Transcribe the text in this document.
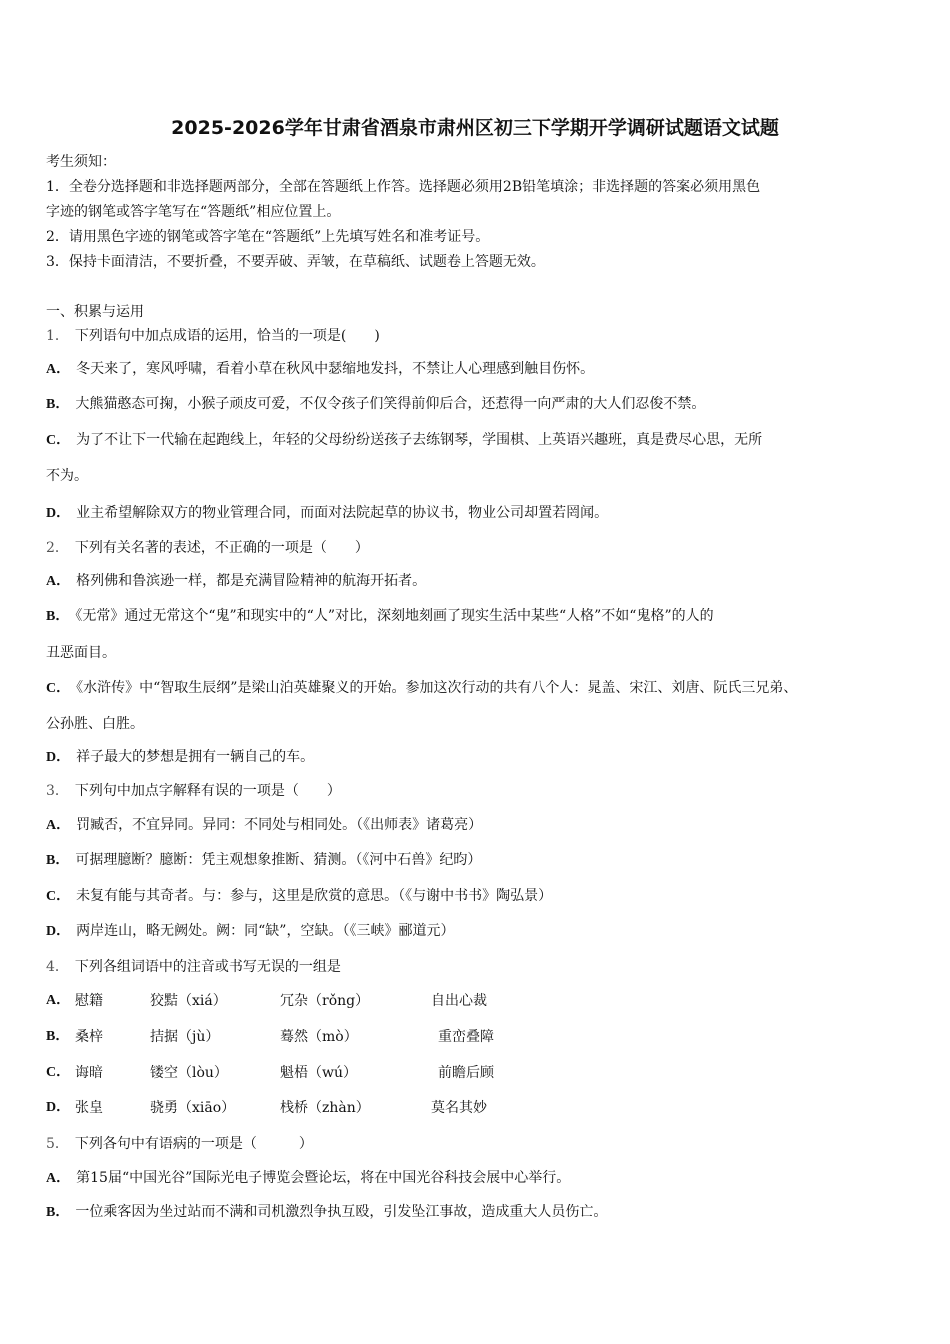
2025-2026学年甘肃省酒泉市肃州区初三下学期开学调研试题语文试题
考生须知：
1．全卷分选择题和非选择题两部分，全部在答题纸上作答。选择题必须用2B铅笔填涂；非选择题的答案必须用黑色
字迹的钢笔或答字笔写在“答题纸”相应位置上。
2．请用黑色字迹的钢笔或答字笔在“答题纸”上先填写姓名和准考证号。
3．保持卡面清洁，不要折叠，不要弄破、弄皱，在草稿纸、试题卷上答题无效。
一、积累与运用
1． 下列语句中加点成语的运用，恰当的一项是(　　)
A． 冬天来了，寒风呼啸，看着小草在秋风中瑟缩地发抖，不禁让人心理感到触目伤怀。
B． 大熊猫憨态可掬，小猴子顽皮可爱，不仅令孩子们笑得前仰后合，还惹得一向严肃的大人们忍俊不禁。
C． 为了不让下一代输在起跑线上，年轻的父母纷纷送孩子去练钢琴，学围棋、上英语兴趣班，真是费尽心思，无所
不为。
D． 业主希望解除双方的物业管理合同，而面对法院起草的协议书，物业公司却置若罔闻。
2． 下列有关名著的表述，不正确的一项是（　　）
A． 格列佛和鲁滨逊一样，都是充满冒险精神的航海开拓者。
B． 《无常》通过无常这个“鬼”和现实中的“人”对比，深刻地刻画了现实生活中某些“人格”不如“鬼格”的人的
丑恶面目。
C． 《水浒传》中“智取生辰纲”是梁山泊英雄聚义的开始。参加这次行动的共有八个人：晁盖、宋江、刘唐、阮氏三兄弟、
公孙胜、白胜。
D． 祥子最大的梦想是拥有一辆自己的车。
3． 下列句中加点字解释有误的一项是（　　）
A． 罚臧否，不宜异同。异同：不同处与相同处。（《出师表》诸葛亮）
B． 可据理臆断？臆断：凭主观想象推断、猜测。（《河中石兽》纪昀）
C． 未复有能与其奇者。与：参与，这里是欣赏的意思。（《与谢中书书》陶弘景）
D． 两岸连山，略无阙处。阙：同“缺”，空缺。（《三峡》郦道元）
4． 下列各组词语中的注音或书写无误的一组是
A． 慰籍	狡黠（xiá）	冗杂（rǒng）	自出心裁
B． 桑梓	拮据（jù）	蓦然（mò）	重峦叠障
C． 诲暗	镂空（lòu）	魁梧（wú）	前瞻后顾
D． 张皇	骁勇（xiāo）	栈桥（zhàn）	莫名其妙
5． 下列各句中有语病的一项是（　　　）
A． 第15届“中国光谷”国际光电子博览会暨论坛，将在中国光谷科技会展中心举行。
B． 一位乘客因为坐过站而不满和司机激烈争执互殴，引发坠江事故，造成重大人员伤亡。
